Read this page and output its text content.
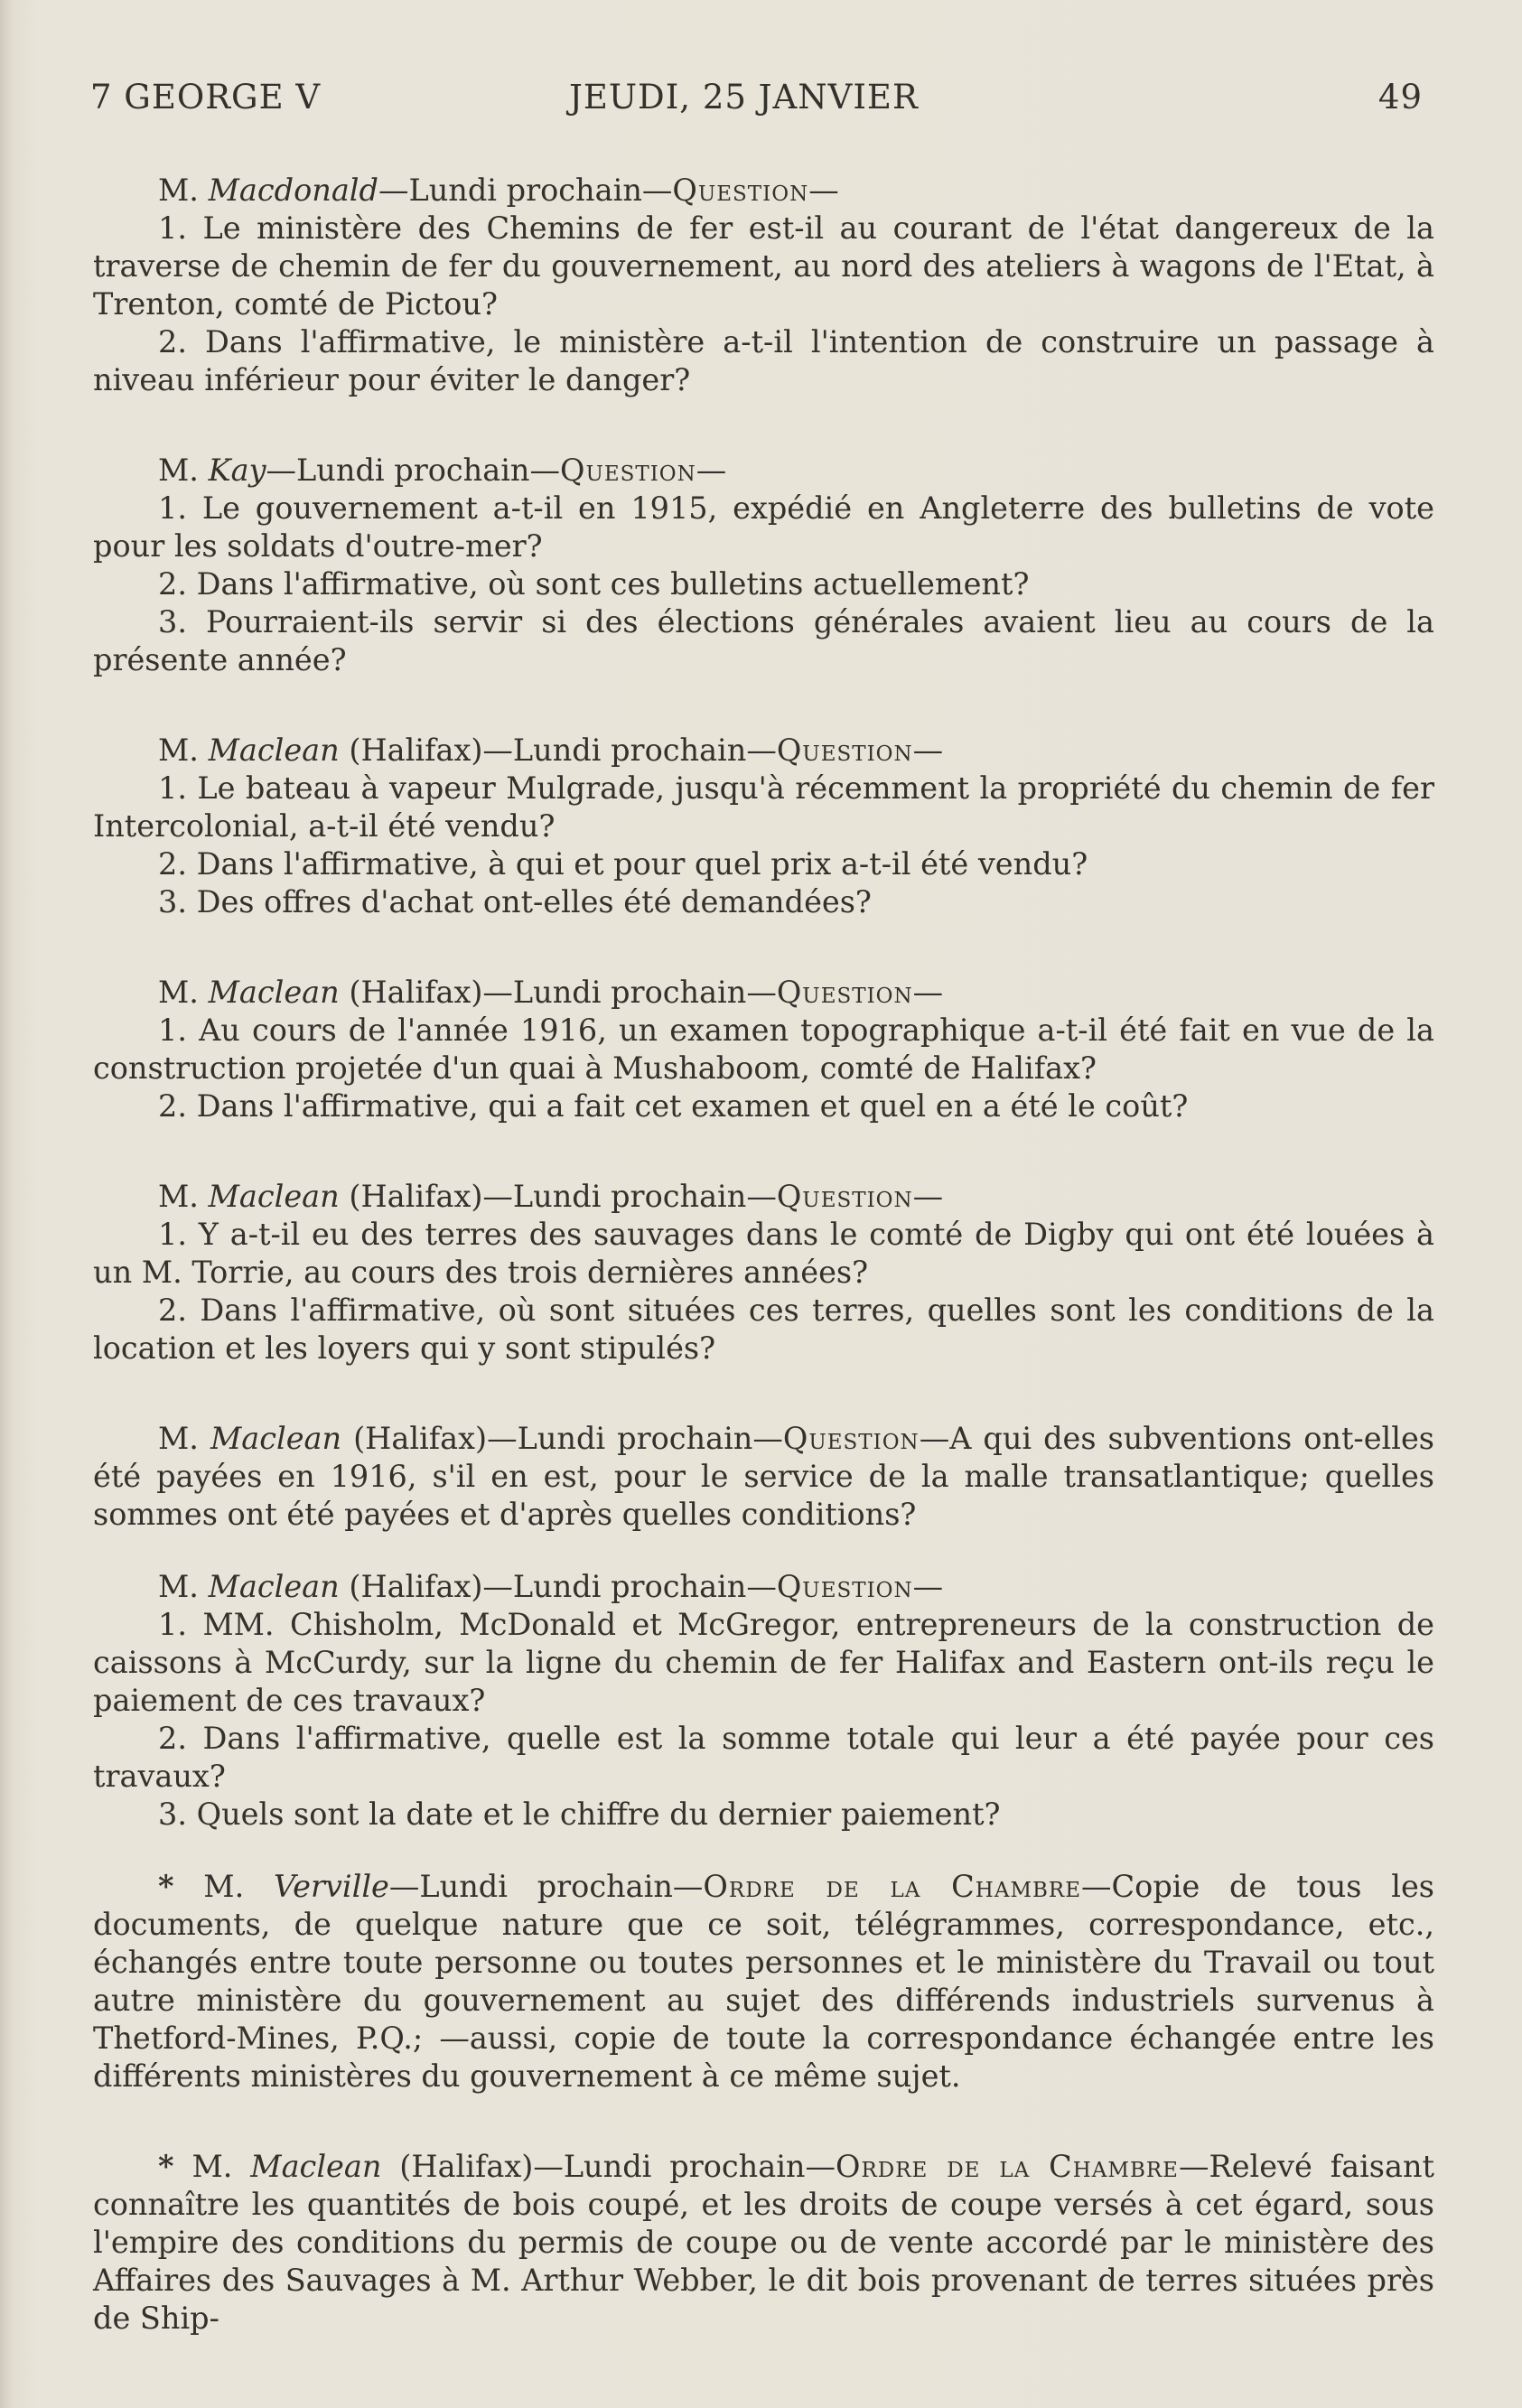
7 GEORGE V	JEUDI, 25 JANVIER	49

M. Macdonald—Lundi prochain—Question—

1. Le ministère des Chemins de fer est-il au courant de l'état dangereux de la traverse de chemin de fer du gouvernement, au nord des ateliers à wagons de l'Etat, à Trenton, comté de Pictou?

2. Dans l'affirmative, le ministère a-t-il l'intention de construire un passage à niveau inférieur pour éviter le danger?

M. Kay—Lundi prochain—Question—

1. Le gouvernement a-t-il en 1915, expédié en Angleterre des bulletins de vote pour les soldats d'outre-mer?

2. Dans l'affirmative, où sont ces bulletins actuellement?

3. Pourraient-ils servir si des élections générales avaient lieu au cours de la présente année?

M. Maclean (Halifax)—Lundi prochain—Question—

1. Le bateau à vapeur Mulgrade, jusqu'à récemment la propriété du chemin de fer Intercolonial, a-t-il été vendu?

2. Dans l'affirmative, à qui et pour quel prix a-t-il été vendu?

3. Des offres d'achat ont-elles été demandées?

M. Maclean (Halifax)—Lundi prochain—Question—

1. Au cours de l'année 1916, un examen topographique a-t-il été fait en vue de la construction projetée d'un quai à Mushaboom, comté de Halifax?

2. Dans l'affirmative, qui a fait cet examen et quel en a été le coût?

M. Maclean (Halifax)—Lundi prochain—Question—

1. Y a-t-il eu des terres des sauvages dans le comté de Digby qui ont été louées à un M. Torrie, au cours des trois dernières années?

2. Dans l'affirmative, où sont situées ces terres, quelles sont les conditions de la location et les loyers qui y sont stipulés?

M. Maclean (Halifax)—Lundi prochain—Question—A qui des subventions ont-elles été payées en 1916, s'il en est, pour le service de la malle transatlantique; quelles sommes ont été payées et d'après quelles conditions?

M. Maclean (Halifax)—Lundi prochain—Question—

1. MM. Chisholm, McDonald et McGregor, entrepreneurs de la construction de caissons à McCurdy, sur la ligne du chemin de fer Halifax and Eastern ont-ils reçu le paiement de ces travaux?

2. Dans l'affirmative, quelle est la somme totale qui leur a été payée pour ces travaux?

3. Quels sont la date et le chiffre du dernier paiement?

* M. Verville—Lundi prochain—Ordre de la Chambre—Copie de tous les documents, de quelque nature que ce soit, télégrammes, correspondance, etc., échangés entre toute personne ou toutes personnes et le ministère du Travail ou tout autre ministère du gouvernement au sujet des différends industriels survenus à Thetford-Mines, P.Q.; —aussi, copie de toute la correspondance échangée entre les différents ministères du gouvernement à ce même sujet.

* M. Maclean (Halifax)—Lundi prochain—Ordre de la Chambre—Relevé faisant connaître les quantités de bois coupé, et les droits de coupe versés à cet égard, sous l'empire des conditions du permis de coupe ou de vente accordé par le ministère des Affaires des Sauvages à M. Arthur Webber, le dit bois provenant de terres situées près de Ship-
